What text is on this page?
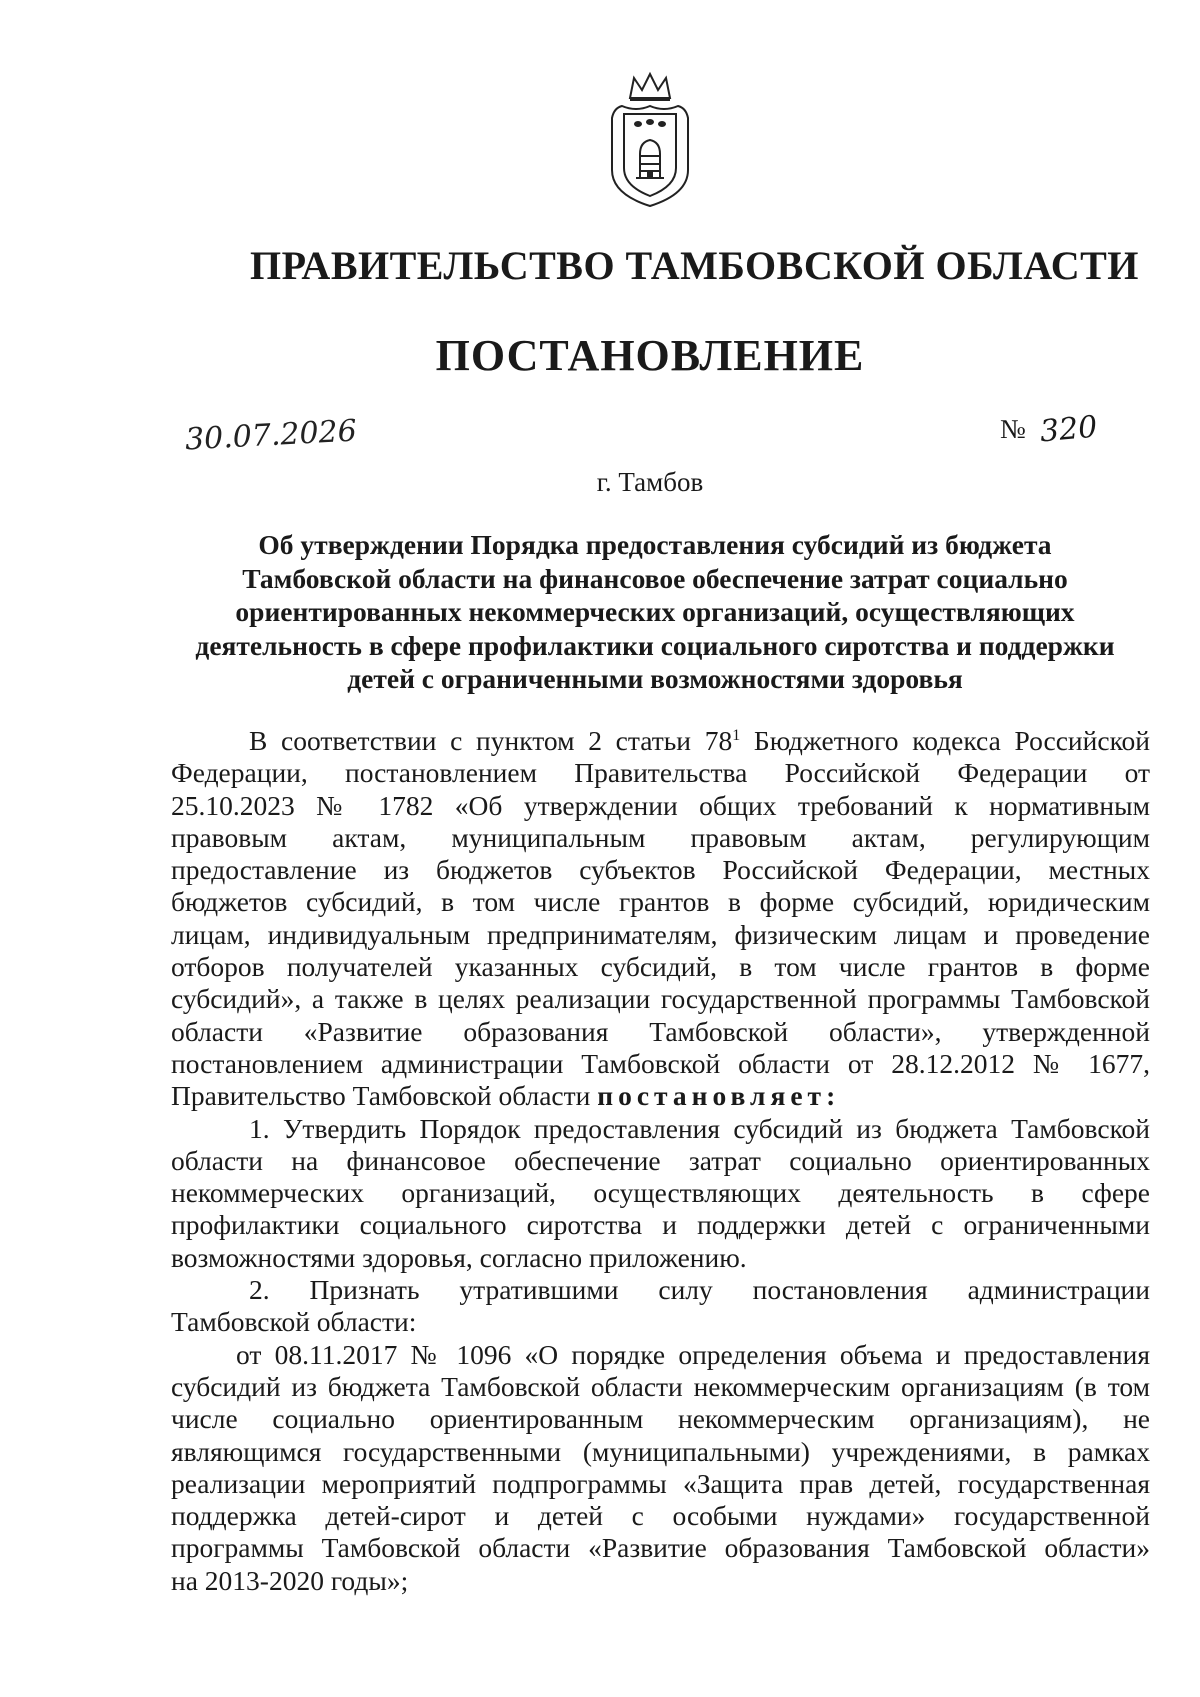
ПРАВИТЕЛЬСТВО ТАМБОВСКОЙ ОБЛАСТИ
ПОСТАНОВЛЕНИЕ
30.07.2026	№ 320
г. Тамбов
Об утверждении Порядка предоставления субсидий из бюджета
Тамбовской области на финансовое обеспечение затрат социально
ориентированных некоммерческих организаций, осуществляющих
деятельность в сфере профилактики социального сиротства и поддержки
детей с ограниченными возможностями здоровья
В соответствии с пунктом 2 статьи $78^1$ Бюджетного кодекса Российской
Федерации, постановлением Правительства Российской Федерации от
25.10.2023 № 1782 «Об утверждении общих требований к нормативным
правовым актам, муниципальным правовым актам, регулирующим
предоставление из бюджетов субъектов Российской Федерации, местных
бюджетов субсидий, в том числе грантов в форме субсидий, юридическим
лицам, индивидуальным предпринимателям, физическим лицам и проведение
отборов получателей указанных субсидий, в том числе грантов в форме
субсидий», а также в целях реализации государственной программы Тамбовской
области «Развитие образования Тамбовской области», утвержденной
постановлением администрации Тамбовской области от 28.12.2012 № 1677,
Правительство Тамбовской области постановляет:
1. Утвердить Порядок предоставления субсидий из бюджета Тамбовской
области на финансовое обеспечение затрат социально ориентированных
некоммерческих организаций, осуществляющих деятельность в сфере
профилактики социального сиротства и поддержки детей с ограниченными
возможностями здоровья, согласно приложению.
2. Признать утратившими силу постановления администрации
Тамбовской области:
от 08.11.2017 № 1096 «О порядке определения объема и предоставления
субсидий из бюджета Тамбовской области некоммерческим организациям (в том
числе социально ориентированным некоммерческим организациям), не
являющимся государственными (муниципальными) учреждениями, в рамках
реализации мероприятий подпрограммы «Защита прав детей, государственная
поддержка детей-сирот и детей с особыми нуждами» государственной
программы Тамбовской области «Развитие образования Тамбовской области»
на 2013-2020 годы»;
